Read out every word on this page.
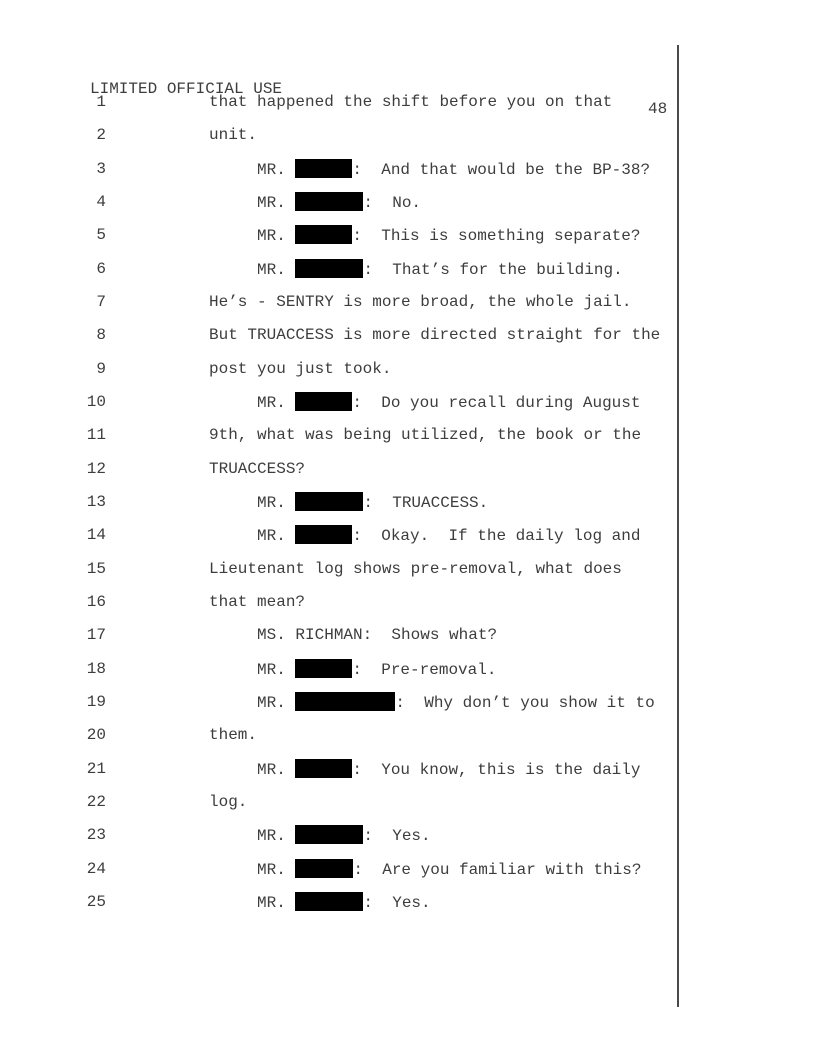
LIMITED OFFICIAL USE

48

1	that happened the shift before you on that
2	unit.
3	MR.	:  And that would be the BP-38?
4	MR.	:  No.
5	MR.	:  This is something separate?
6	MR.	:  That’s for the building.
7	He’s - SENTRY is more broad, the whole jail.
8	But TRUACCESS is more directed straight for the
9	post you just took.
10	MR.	:  Do you recall during August
11	9th, what was being utilized, the book or the
12	TRUACCESS?
13	MR.	:  TRUACCESS.
14	MR.	:  Okay.  If the daily log and
15	Lieutenant log shows pre-removal, what does
16	that mean?
17	MS. RICHMAN:  Shows what?
18	MR.	:  Pre-removal.
19	MR.	:  Why don’t you show it to
20	them.
21	MR.	:  You know, this is the daily
22	log.
23	MR.	:  Yes.
24	MR.	:  Are you familiar with this?
25	MR.	:  Yes.
